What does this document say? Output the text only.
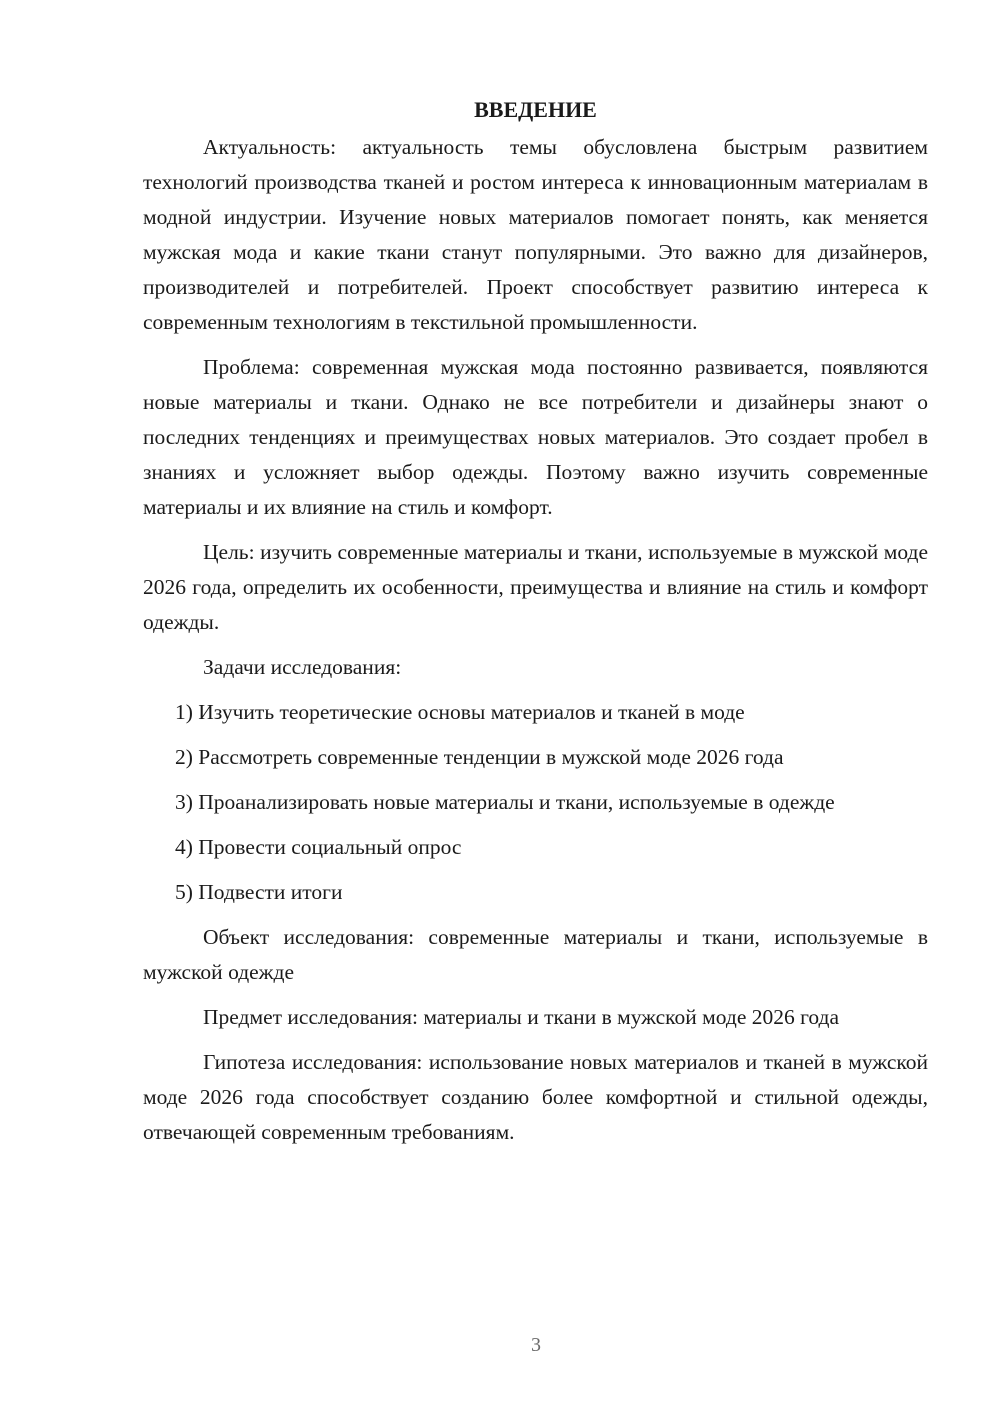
ВВЕДЕНИЕ

Актуальность: актуальность темы обусловлена быстрым развитием технологий производства тканей и ростом интереса к инновационным материалам в модной индустрии. Изучение новых материалов помогает понять, как меняется мужская мода и какие ткани станут популярными. Это важно для дизайнеров, производителей и потребителей. Проект способствует развитию интереса к современным технологиям в текстильной промышленности.

Проблема: современная мужская мода постоянно развивается, появляются новые материалы и ткани. Однако не все потребители и дизайнеры знают о последних тенденциях и преимуществах новых материалов. Это создает пробел в знаниях и усложняет выбор одежды. Поэтому важно изучить современные материалы и их влияние на стиль и комфорт.

Цель: изучить современные материалы и ткани, используемые в мужской моде 2026 года, определить их особенности, преимущества и влияние на стиль и комфорт одежды.

Задачи исследования:

1) Изучить теоретические основы материалов и тканей в моде

2) Рассмотреть современные тенденции в мужской моде 2026 года

3) Проанализировать новые материалы и ткани, используемые в одежде

4) Провести социальный опрос

5) Подвести итоги

Объект исследования: современные материалы и ткани, используемые в мужской одежде

Предмет исследования: материалы и ткани в мужской моде 2026 года

Гипотеза исследования: использование новых материалов и тканей в мужской моде 2026 года способствует созданию более комфортной и стильной одежды, отвечающей современным требованиям.

3
